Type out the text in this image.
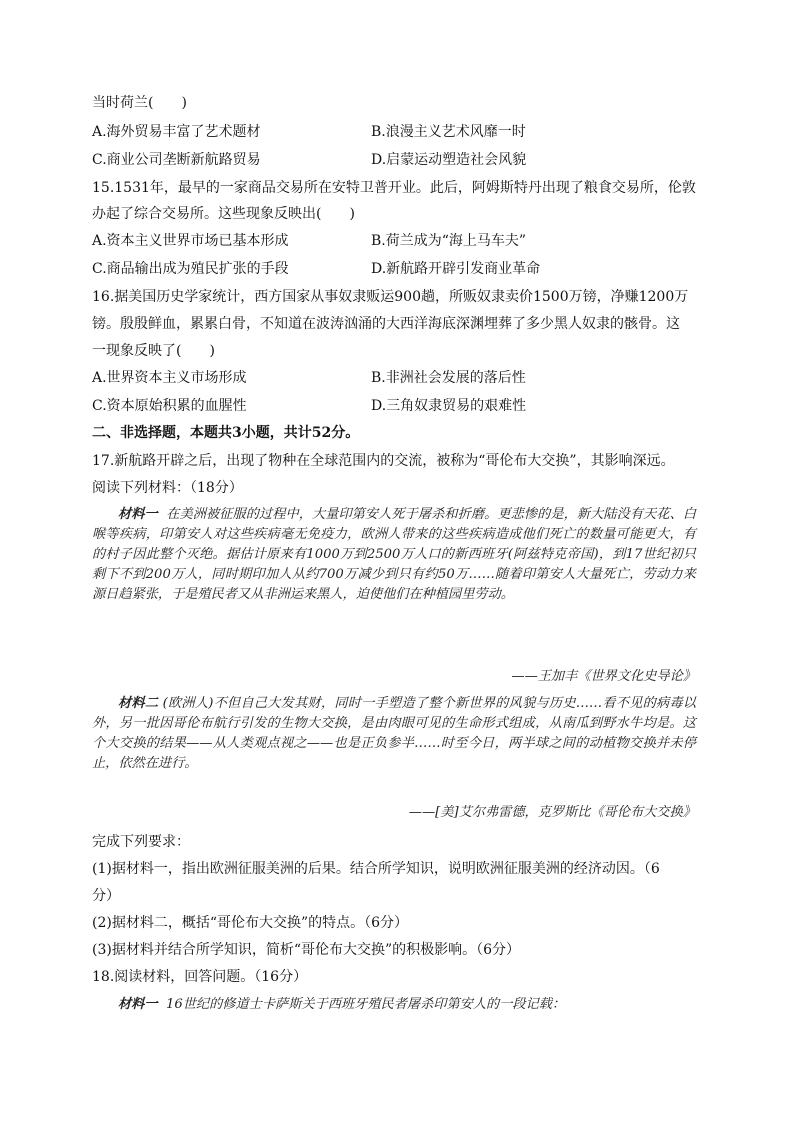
当时荷兰(　　)
A.海外贸易丰富了艺术题材	B.浪漫主义艺术风靡一时
C.商业公司垄断新航路贸易	D.启蒙运动塑造社会风貌
15.1531年，最早的一家商品交易所在安特卫普开业。此后，阿姆斯特丹出现了粮食交易所，伦敦
办起了综合交易所。这些现象反映出(　　)
A.资本主义世界市场已基本形成	B.荷兰成为“海上马车夫”
C.商品输出成为殖民扩张的手段	D.新航路开辟引发商业革命
16.据美国历史学家统计，西方国家从事奴隶贩运900趟，所贩奴隶卖价1500万镑，净赚1200万
镑。殷殷鲜血，累累白骨，不知道在波涛汹涌的大西洋海底深渊埋葬了多少黑人奴隶的骸骨。这
一现象反映了(　　)
A.世界资本主义市场形成	B.非洲社会发展的落后性
C.资本原始积累的血腥性	D.三角奴隶贸易的艰难性
二、非选择题，本题共3小题，共计52分。
17.新航路开辟之后，出现了物种在全球范围内的交流，被称为“哥伦布大交换”，其影响深远。
阅读下列材料：（18分）
材料一 在美洲被征服的过程中，大量印第安人死于屠杀和折磨。更悲惨的是，新大陆没有天花、白喉等疾病，印第安人对这些疾病毫无免疫力，欧洲人带来的这些疾病造成他们死亡的数量可能更大，有的村子因此整个灭绝。据估计原来有1000万到2500万人口的新西班牙(阿兹特克帝国)，到17世纪初只剩下不到200万人，同时期印加人从约700万减少到只有约50万……随着印第安人大量死亡，劳动力来源日趋紧张，于是殖民者又从非洲运来黑人，迫使他们在种植园里劳动。
——王加丰《世界文化史导论》
材料二 (欧洲人)不但自己大发其财，同时一手塑造了整个新世界的风貌与历史……看不见的病毒以外，另一批因哥伦布航行引发的生物大交换，是由肉眼可见的生命形式组成，从南瓜到野水牛均是。这个大交换的结果——从人类观点视之——也是正负参半……时至今日，两半球之间的动植物交换并未停止，依然在进行。
——[美]艾尔弗雷德，克罗斯比《哥伦布大交换》
完成下列要求：
(1)据材料一，指出欧洲征服美洲的后果。结合所学知识，说明欧洲征服美洲的经济动因。（6
分）
(2)据材料二，概括“哥伦布大交换”的特点。（6分）
(3)据材料并结合所学知识，简析“哥伦布大交换”的积极影响。（6分）
18.阅读材料，回答问题。（16分）
材料一 16世纪的修道士卡萨斯关于西班牙殖民者屠杀印第安人的一段记载：
